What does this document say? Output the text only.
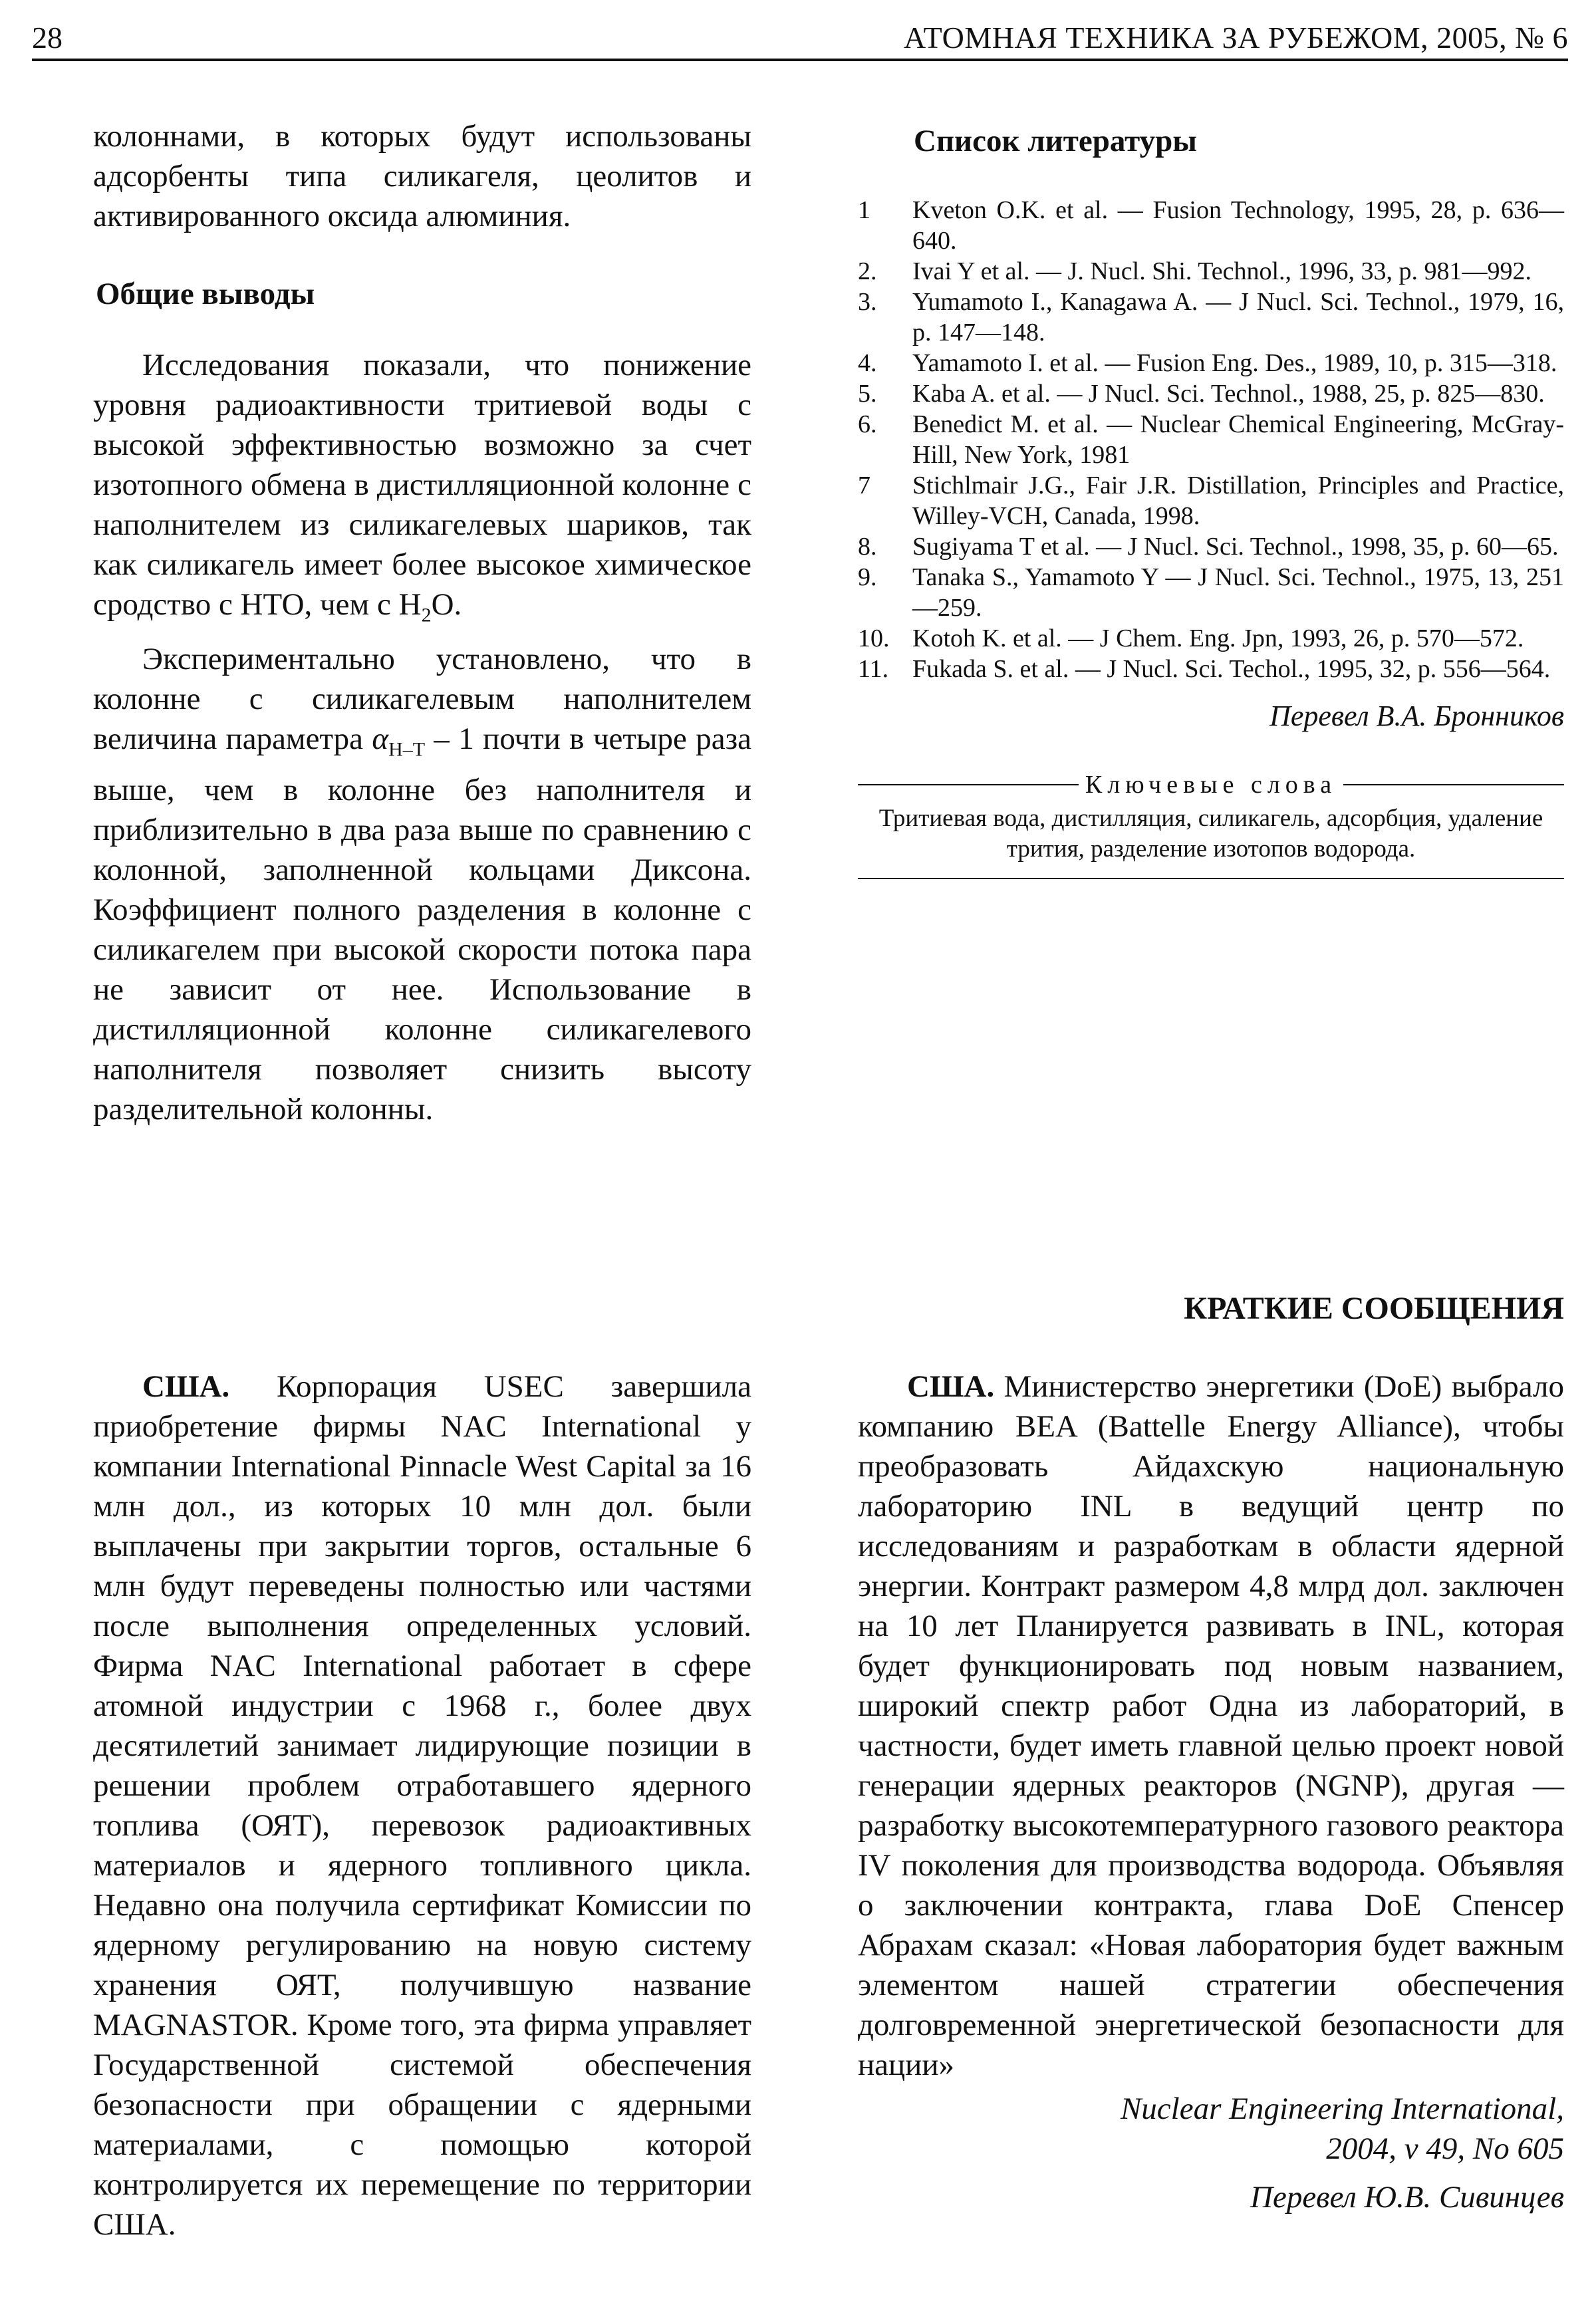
28	АТОМНАЯ ТЕХНИКА ЗА РУБЕЖОМ, 2005, № 6

колоннами, в которых будут использованы адсорбенты типа силикагеля, цеолитов и активированного оксида алюминия.

Общие выводы

Исследования показали, что понижение уровня радиоактивности тритиевой воды с высокой эффективностью возможно за счет изотопного обмена в дистилляционной колонне с наполнителем из силикагелевых шариков, так как силикагель имеет более высокое химическое сродство с НТО, чем с $H_2O$.

Экспериментально установлено, что в колонне с силикагелевым наполнителем величина параметра $\alpha_{H-T} - 1$ почти в четыре раза выше, чем в колонне без наполнителя и приблизительно в два раза выше по сравнению с колонной, заполненной кольцами Диксона. Коэффициент полного разделения в колонне с силикагелем при высокой скорости потока пара не зависит от нее. Использование в дистилляционной колонне силикагелевого наполнителя позволяет снизить высоту разделительной колонны.

Список литературы
1	Kveton O.K. et al. — Fusion Technology, 1995, 28, p. 636—640.
2.	Ivai Y et al. — J. Nucl. Shi. Technol., 1996, 33, p. 981—992.
3.	Yumamoto I., Kanagawa A. — J Nucl. Sci. Technol., 1979, 16, p. 147—148.
4.	Yamamoto I. et al. — Fusion Eng. Des., 1989, 10, p. 315—318.
5.	Kaba A. et al. — J Nucl. Sci. Technol., 1988, 25, p. 825—830.
6.	Benedict M. et al. — Nuclear Chemical Engineering, McGray-Hill, New York, 1981
7	Stichlmair J.G., Fair J.R. Distillation, Principles and Practice, Willey-VCH, Canada, 1998.
8.	Sugiyama T et al. — J Nucl. Sci. Technol., 1998, 35, p. 60—65.
9.	Tanaka S., Yamamoto Y — J Nucl. Sci. Technol., 1975, 13, 251—259.
10. Kotoh K. et al. — J Chem. Eng. Jpn, 1993, 26, p. 570—572.
11. Fukada S. et al. — J Nucl. Sci. Techol., 1995, 32, p. 556—564.
Перевел В.А. Бронников
Ключевые слова
Тритиевая вода, дистилляция, силикагель, адсорбция, удаление трития, разделение изотопов водорода.
КРАТКИЕ СООБЩЕНИЯ

США. Корпорация USEC завершила приобретение фирмы NAC International у компании International Pinnacle West Capital за 16 млн дол., из которых 10 млн дол. были выплачены при закрытии торгов, остальные 6 млн будут переведены полностью или частями после выполнения определенных условий. Фирма NAC International работает в сфере атомной индустрии с 1968 г., более двух десятилетий занимает лидирующие позиции в решении проблем отработавшего ядерного топлива (ОЯТ), перевозок радиоактивных материалов и ядерного топливного цикла. Недавно она получила сертификат Комиссии по ядерному регулированию на новую систему хранения ОЯТ, получившую название MAGNASTOR. Кроме того, эта фирма управляет Государственной системой обеспечения безопасности при обращении с ядерными материалами, с помощью которой контролируется их перемещение по территории США.

США. Министерство энергетики (DoE) выбрало компанию BEA (Battelle Energy Alliance), чтобы преобразовать Айдахскую национальную лабораторию INL в ведущий центр по исследованиям и разработкам в области ядерной энергии. Контракт размером 4,8 млрд дол. заключен на 10 лет Планируется развивать в INL, которая будет функционировать под новым названием, широкий спектр работ Одна из лабораторий, в частности, будет иметь главной целью проект новой генерации ядерных реакторов (NGNP), другая — разработку высокотемпературного газового реактора IV поколения для производства водорода. Объявляя о заключении контракта, глава DoE Спенсер Абрахам сказал: «Новая лаборатория будет важным элементом нашей стратегии обеспечения долговременной энергетической безопасности для нации»

Nuclear Engineering International,
2004, v 49, No 605
Перевел Ю.В. Сивинцев
